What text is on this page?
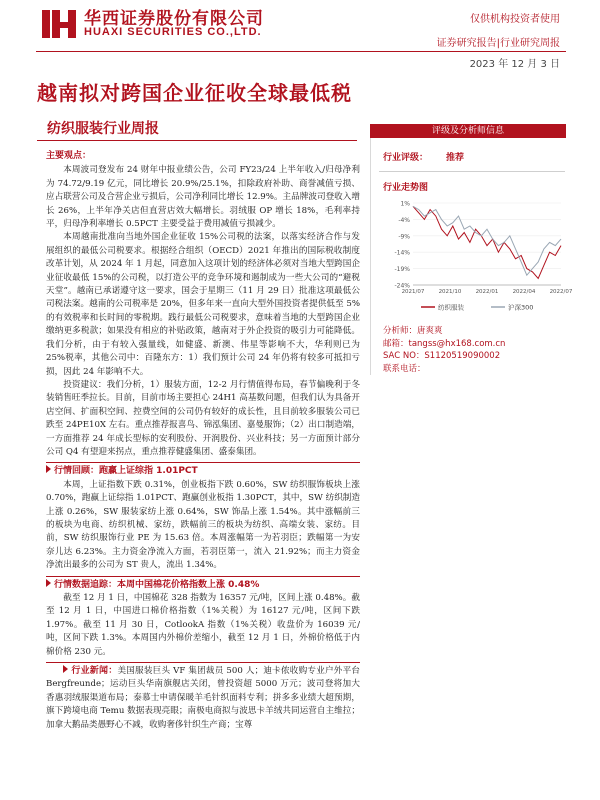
华西证券股份有限公司
HUAXI SECURITIES CO.,LTD.
仅供机构投资者使用
证券研究报告|行业研究周报
2023 年 12 月 3 日
越南拟对跨国企业征收全球最低税
纺织服装行业周报

主要观点：

本周波司登发布 24 财年中报业绩公告，公司 FY23/24 上半年收入/归母净利为 74.72/9.19 亿元，同比增长 20.9%/25.1%，扣除政府补助、商誉减值亏损、应占联营公司及合营企业亏损后，公司净利同比增长 12.9%。主品牌波司登收入增长 26%，上半年净关店但直营店效大幅增长。羽绒服 OP 增长 18%，毛利率持平，归母净利率增长 0.5PCT 主要受益于费用减值亏损减少。

本周越南批准向当地外国企业征收 15%公司税的法案，以落实经济合作与发展组织的最低公司税要求。根据经合组织（OECD）2021 年推出的国际税收制度改革计划，从 2024 年 1 月起，同意加入这项计划的经济体必须对当地大型跨国企业征收最低 15%的公司税，以打造公平的竞争环境和遏制成为一些大公司的“避税天堂”。越南已承诺遵守这一要求，国会于星期三（11 月 29 日）批准这项最低公司税法案。越南的公司税率是 20%，但多年来一直向大型外国投资者提供低至 5%的有效税率和长时间的零税期。践行最低公司税要求，意味着当地的大型跨国企业缴纳更多税款；如果没有相应的补贴政策，越南对于外企投资的吸引力可能降低。我们分析，由于有较入强量线，如健盛、新澳、伟星等影响不大，华利则已为 25%税率，其他公司中：百隆东方：1）我们预计公司 24 年仍将有较多可抵扣亏损，因此 24 年影响不大。

投资建议：我们分析，1）服装方面，12-2 月行情值得布局，春节偏晚利于冬装销售旺季拉长。目前，目前市场主要担心 24H1 高基数问题，但我们认为具备开店空间、扩面积空间、控费空间的公司仍有较好的成长性，且目前较多服装公司已跌至 24PE10X 左右。重点推荐报喜鸟、锦泓集团、嘉曼服饰；（2）出口制造端，一方面推荐 24 年成长型标的安利股份、开润股份、兴业科技；另一方面预计部分公司 Q4 有望迎来拐点，重点推荐健盛集团、盛泰集团。

行情回顾：跑赢上证综指 1.01PCT

本周，上证指数下跌 0.31%，创业板指下跌 0.60%，SW 纺织服饰板块上涨 0.70%，跑赢上证综指 1.01PCT、跑赢创业板指 1.30PCT，其中，SW 纺织制造上涨 0.26%，SW 服装家纺上涨 0.64%，SW 饰品上涨 1.54%。其中涨幅前三的板块为电商、纺织机械、家纺，跌幅前三的板块为纺织、高端女装、家纺。目前，SW 纺织服饰行业 PE 为 15.63 倍。本周涨幅第一为若羽臣；跌幅第一为安奈儿达 6.23%。主力资金净流入方面，若羽臣第一，流入 21.92%；而主力资金净流出最多的公司为 ST 贵人，流出 1.34%。

行情数据追踪：本周中国棉花价格指数上涨 0.48%

截至 12 月 1 日，中国棉花 328 指数为 16357 元/吨，区间上涨 0.48%。截至 12 月 1 日，中国进口棉价格指数（1%关税）为 16127 元/吨，区间下跌 1.97%。截至 11 月 30 日，CotlookA 指数（1%关税）收盘价为 16039 元/吨，区间下跌 1.3%。本周国内外棉价差缩小，截至 12 月 1 日，外棉价格低于内棉价格 230 元。

行业新闻：美国服装巨头 VF 集团裁员 500 人；迪卡侬收购专业户外平台 Bergfreunde；运动巨头华南旗舰店关闭，曾投资超 5000 万元；波司登将加大香惠羽绒服渠道布局；泰慕士申请保暖羊毛针织面料专利；拼多多业绩大超预期，旗下跨境电商 Temu 数据表现亮眼；南极电商拟与波思卡羊绒共同运营自主维拉；加拿大鹅品类愚野心不减，收购奢侈针织生产商；宝尊

评级及分析师信息
行业评级： 推荐
行业走势图
1%
-4%
-9%
-14%
-19%
-24%
2021/07	2021/10	2022/01	2022/04	2022/07
纺织服装	沪深300
分析师：唐爽爽
邮箱：tangss@hx168.com.cn
SAC NO：S1120519090002
联系电话：
